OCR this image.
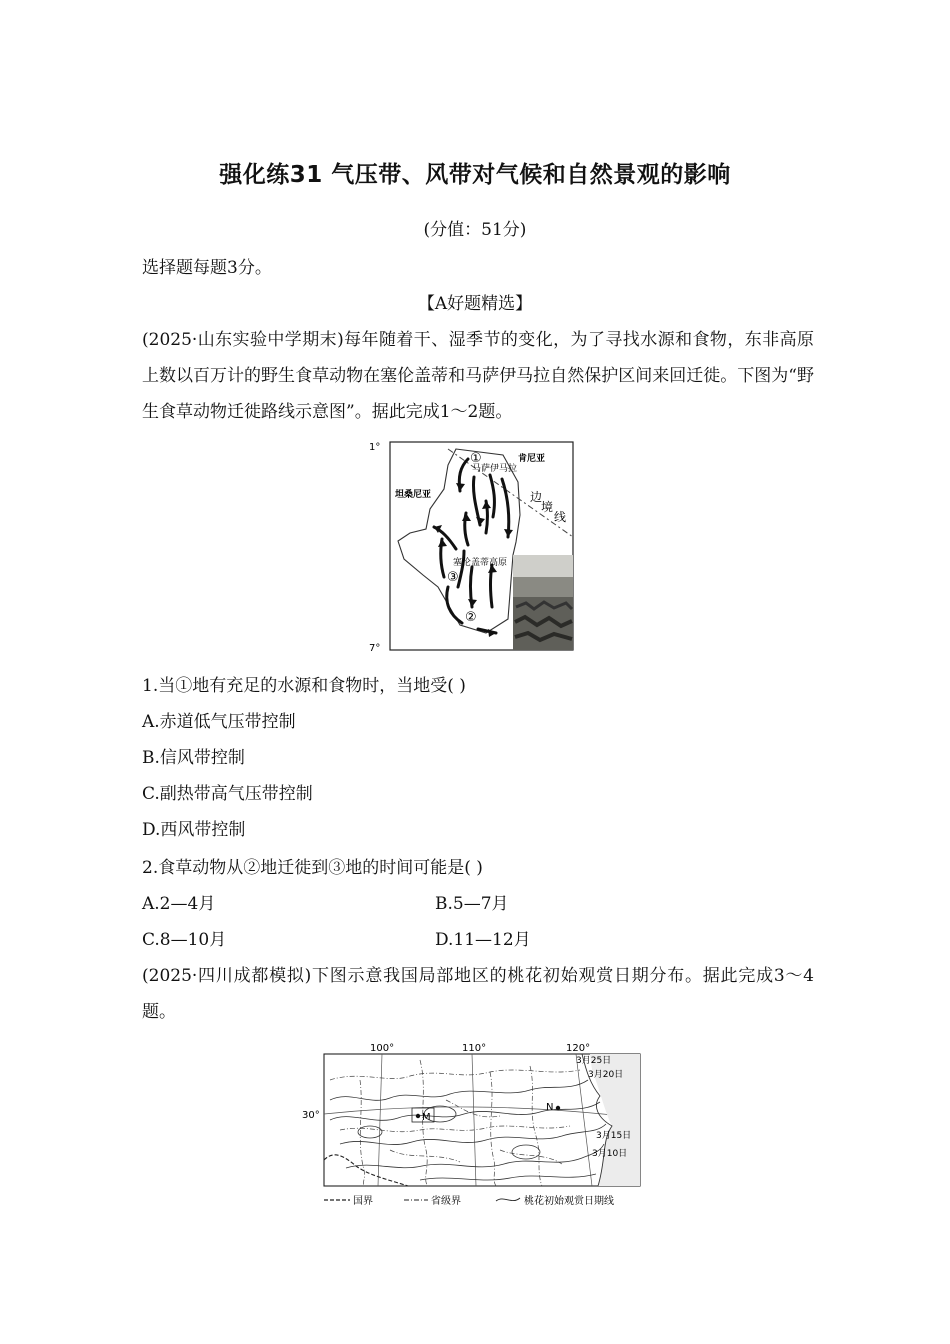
强化练31 气压带、风带对气候和自然景观的影响
(分值：51分)
选择题每题3分。
【A好题精选】
(2025·山东实验中学期末)每年随着干、湿季节的变化，为了寻找水源和食物，东非高原上数以百万计的野生食草动物在塞伦盖蒂和马萨伊马拉自然保护区间来回迁徙。下图为“野生食草动物迁徙路线示意图”。据此完成1～2题。
1°
7°
肯尼亚
坦桑尼亚
马萨伊马拉
塞伦盖蒂高原
边
境
线
①
②
③
1.当①地有充足的水源和食物时，当地受( )
A.赤道低气压带控制
B.信风带控制
C.副热带高气压带控制
D.西风带控制
2.食草动物从②地迁徙到③地的时间可能是( )
A.2—4月	B.5—7月
C.8—10月	D.11—12月
(2025·四川成都模拟)下图示意我国局部地区的桃花初始观赏日期分布。据此完成3～4题。
100°	110°	120°
30°	M
N
3月25日
3月20日
3月15日
3月10日
国界	省级界	桃花初始观赏日期线
